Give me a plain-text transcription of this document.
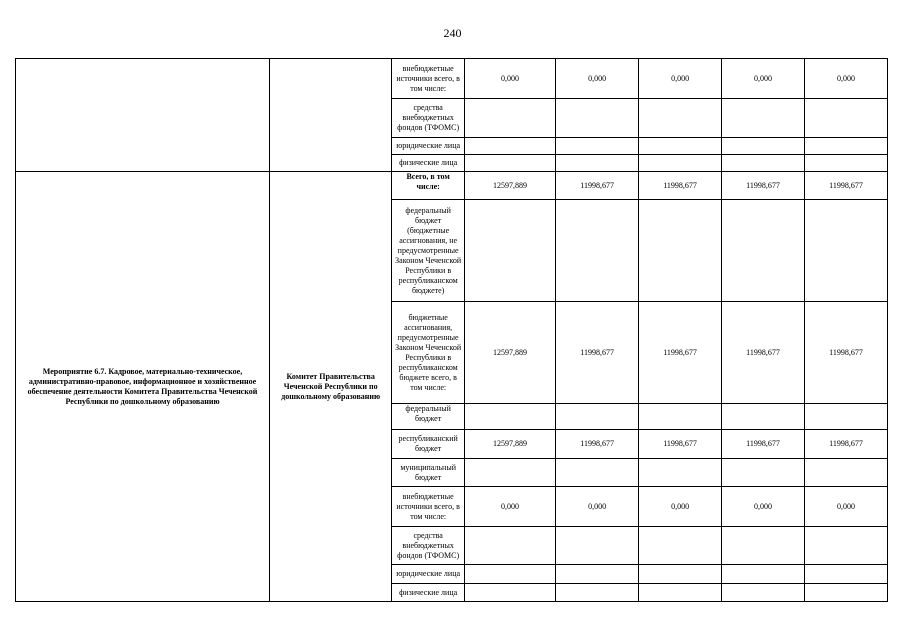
240
		внебюджетные источники всего, в том числе:	0,000	0,000	0,000	0,000	0,000
		средства внебюджетных фондов (ТФОМС)					
		юридические лица					
		физические лица					
Мероприятие 6.7. Кадровое, материально-техническое, административно-правовое, информационное и хозяйственное обеспечение деятельности Комитета Правительства Чеченской Республики по дошкольному образованию	Комитет Правительства Чеченской Республики по дошкольному образованию	Всего, в том числе:	12597,889	11998,677	11998,677	11998,677	11998,677
		федеральный бюджет (бюджетные ассигнования, не предусмотренные Законом Чеченской Республики в республиканском бюджете)					
		бюджетные ассигнования, предусмотренные Законом Чеченской Республики в республиканском бюджете всего, в том числе:	12597,889	11998,677	11998,677	11998,677	11998,677
		федеральный бюджет					
		республиканский бюджет	12597,889	11998,677	11998,677	11998,677	11998,677
		муниципальный бюджет					
		внебюджетные источники всего, в том числе:	0,000	0,000	0,000	0,000	0,000
		средства внебюджетных фондов (ТФОМС)					
		юридические лица					
		физические лица					
